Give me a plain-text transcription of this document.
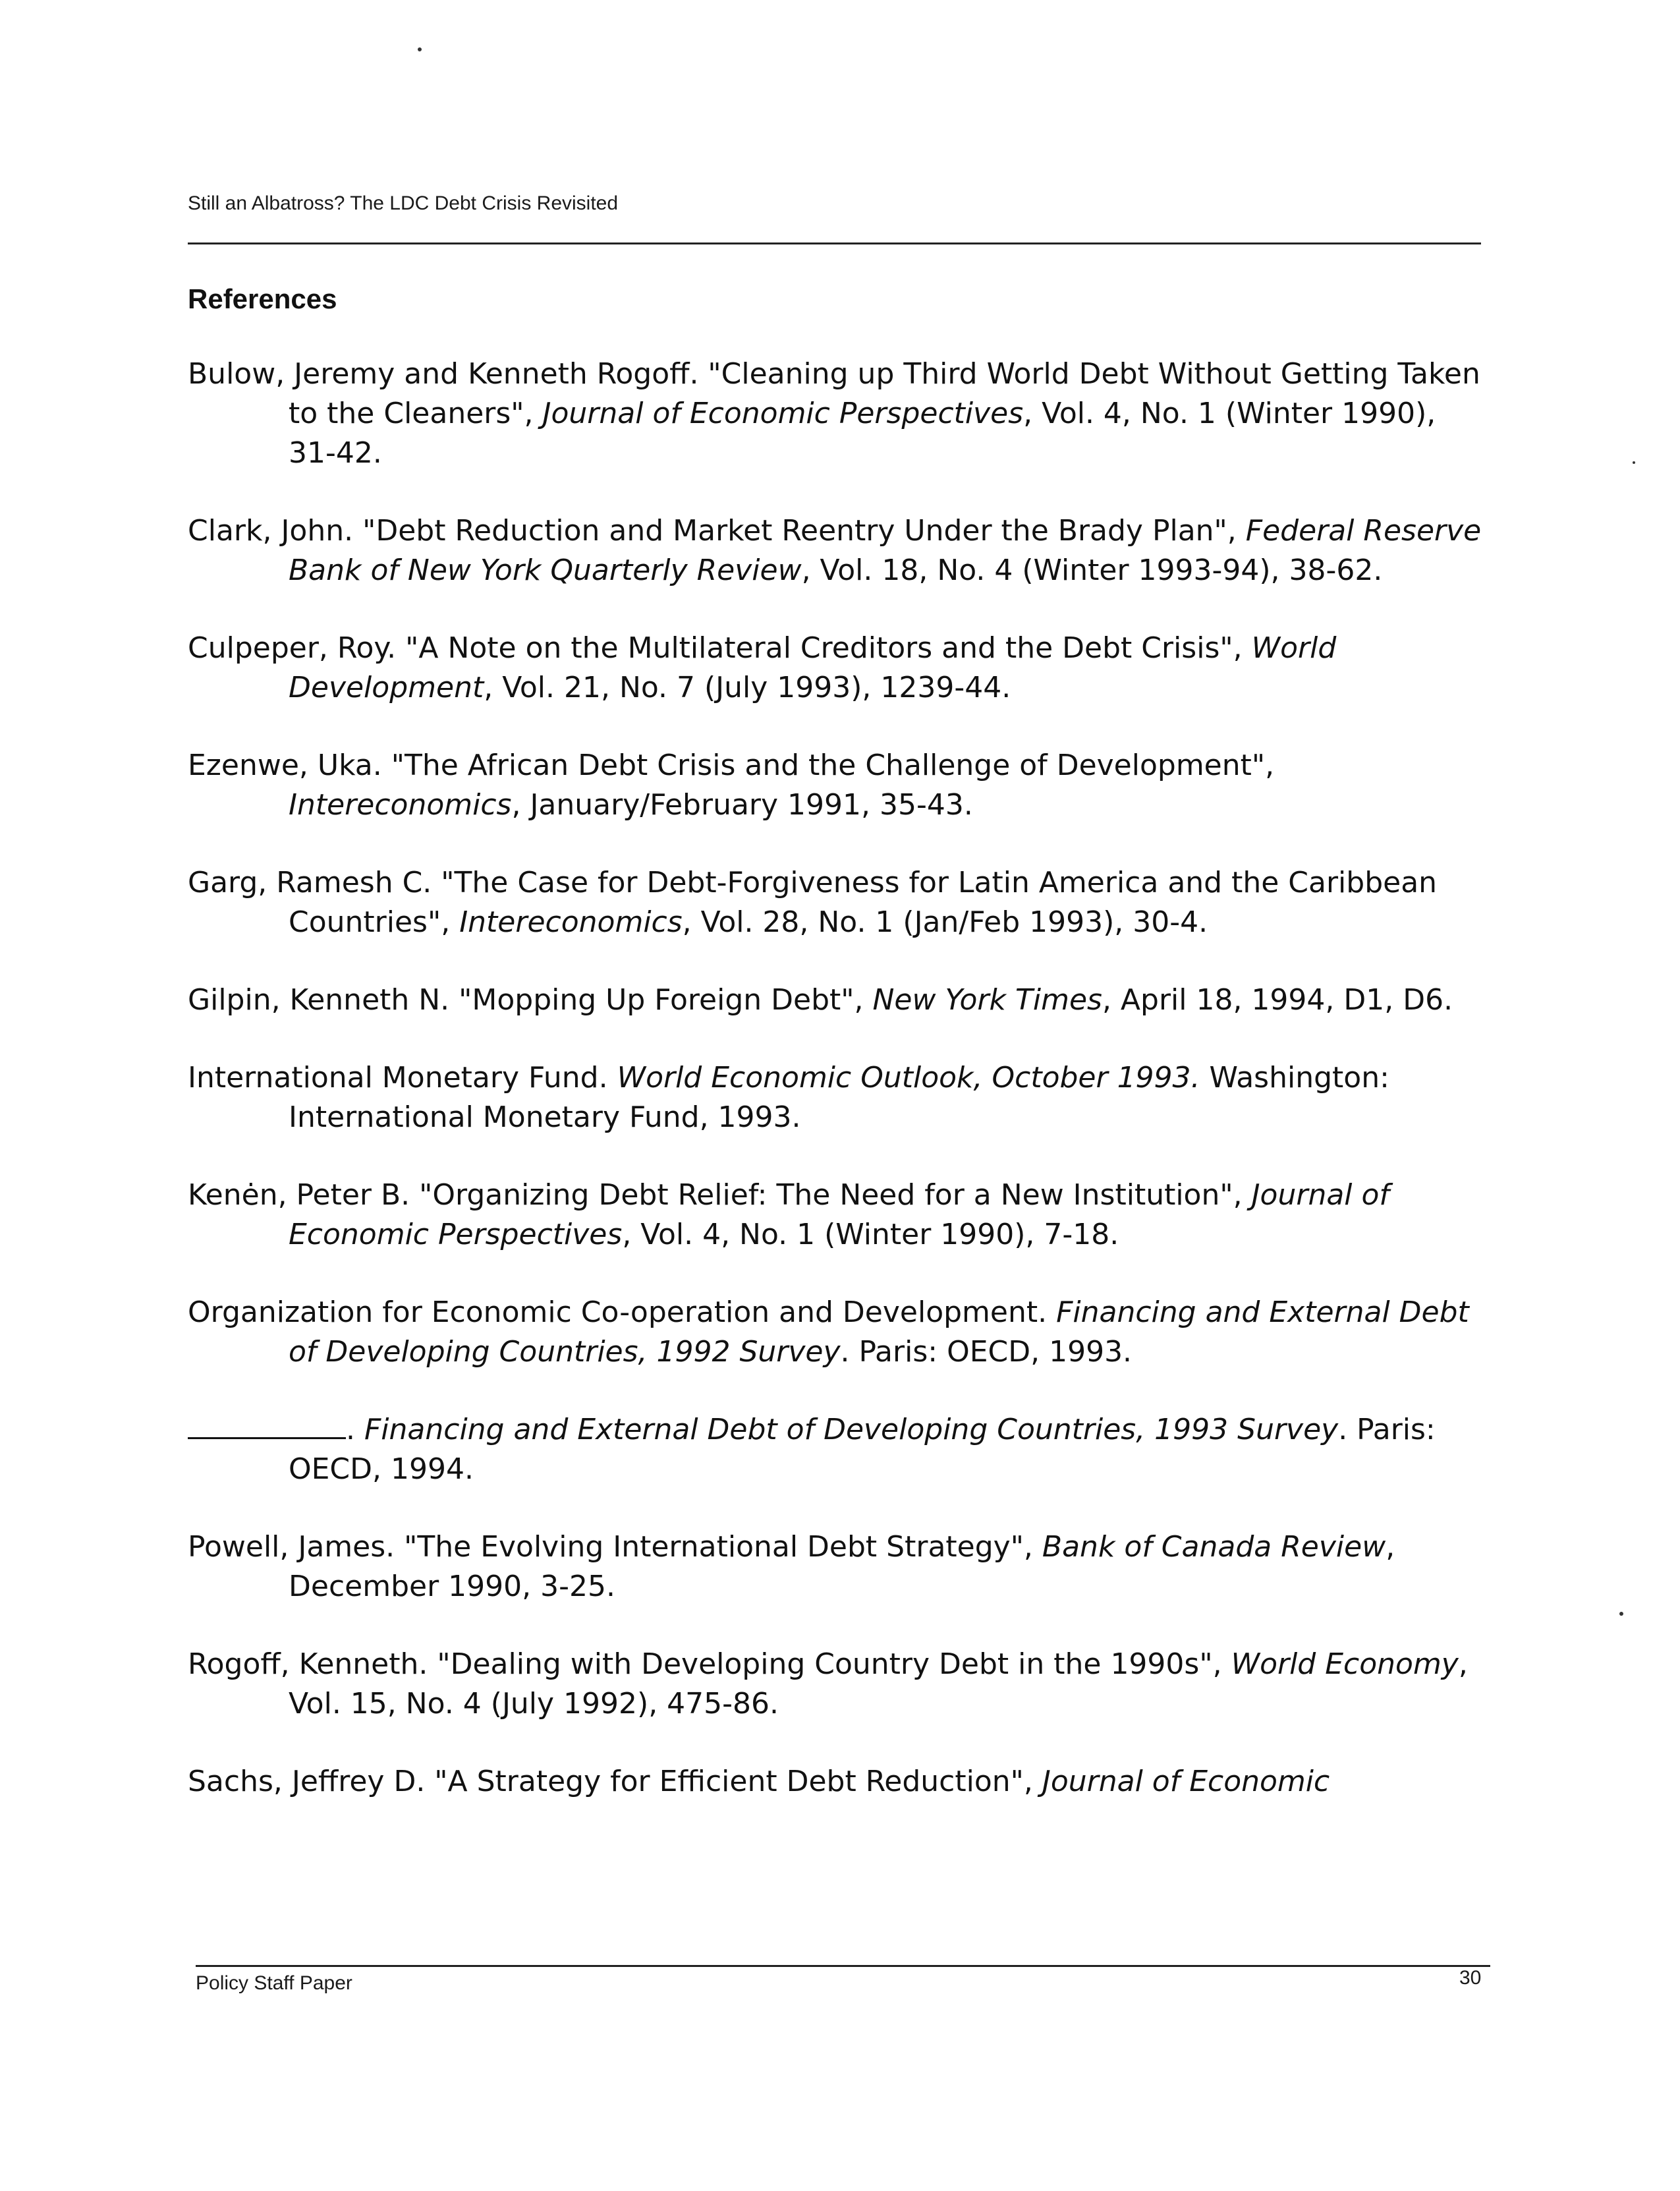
Still an Albatross? The LDC Debt Crisis Revisited
References

Bulow, Jeremy and Kenneth Rogoff. "Cleaning up Third World Debt Without Getting Taken to the Cleaners", Journal of Economic Perspectives, Vol. 4, No. 1 (Winter 1990), 31-42.

Clark, John. "Debt Reduction and Market Reentry Under the Brady Plan", Federal Reserve Bank of New York Quarterly Review, Vol. 18, No. 4 (Winter 1993-94), 38-62.

Culpeper, Roy. "A Note on the Multilateral Creditors and the Debt Crisis", World Development, Vol. 21, No. 7 (July 1993), 1239-44.

Ezenwe, Uka. "The African Debt Crisis and the Challenge of Development", Intereconomics, January/February 1991, 35-43.

Garg, Ramesh C. "The Case for Debt-Forgiveness for Latin America and the Caribbean Countries", Intereconomics, Vol. 28, No. 1 (Jan/Feb 1993), 30-4.

Gilpin, Kenneth N. "Mopping Up Foreign Debt", New York Times, April 18, 1994, D1, D6.

International Monetary Fund. World Economic Outlook, October 1993. Washington: International Monetary Fund, 1993.

Kenėn, Peter B. "Organizing Debt Relief: The Need for a New Institution", Journal of Economic Perspectives, Vol. 4, No. 1 (Winter 1990), 7-18.

Organization for Economic Co-operation and Development. Financing and External Debt of Developing Countries, 1992 Survey. Paris: OECD, 1993.

. Financing and External Debt of Developing Countries, 1993 Survey. Paris: OECD, 1994.

Powell, James. "The Evolving International Debt Strategy", Bank of Canada Review, December 1990, 3-25.

Rogoff, Kenneth. "Dealing with Developing Country Debt in the 1990s", World Economy, Vol. 15, No. 4 (July 1992), 475-86.

Sachs, Jeffrey D. "A Strategy for Efficient Debt Reduction", Journal of Economic

Policy Staff Paper	30
